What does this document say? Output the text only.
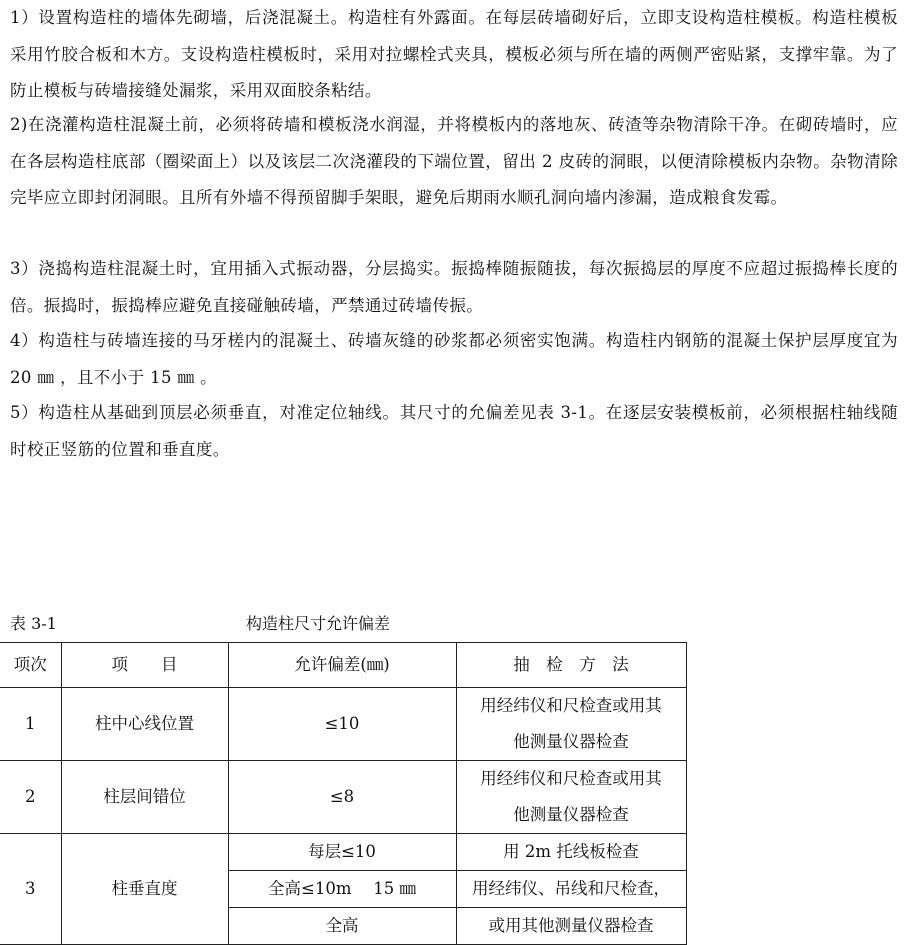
1）设置构造柱的墙体先砌墙，后浇混凝土。构造柱有外露面。在每层砖墙砌好后，立即支设构造柱模板。构造柱模板采用竹胶合板和木方。支设构造柱模板时，采用对拉螺栓式夹具，模板必须与所在墙的两侧严密贴紧，支撑牢靠。为了防止模板与砖墙接缝处漏浆，采用双面胶条粘结。

2)在浇灌构造柱混凝土前，必须将砖墙和模板浇水润湿，并将模板内的落地灰、砖渣等杂物清除干净。在砌砖墙时，应在各层构造柱底部（圈梁面上）以及该层二次浇灌段的下端位置，留出 2 皮砖的洞眼，以便清除模板内杂物。杂物清除完毕应立即封闭洞眼。且所有外墙不得预留脚手架眼，避免后期雨水顺孔洞向墙内渗漏，造成粮食发霉。

3）浇捣构造柱混凝土时，宜用插入式振动器，分层捣实。振捣棒随振随拔，每次振捣层的厚度不应超过振捣棒长度的 倍。振捣时，振捣棒应避免直接碰触砖墙，严禁通过砖墙传振。

4）构造柱与砖墙连接的马牙槎内的混凝土、砖墙灰缝的砂浆都必须密实饱满。构造柱内钢筋的混凝土保护层厚度宜为 20 ㎜ ，且不小于 15 ㎜ 。

5）构造柱从基础到顶层必须垂直，对准定位轴线。其尺寸的允偏差见表 3-1。在逐层安装模板前，必须根据柱轴线随时校正竖筋的位置和垂直度。

表 3-1	构造柱尺寸允许偏差
项次	项　　目	允许偏差(㎜)	抽　检　方　法
1	柱中心线位置	≤10	用经纬仪和尺检查或用其
他测量仪器检查

2	柱层间错位	≤8	用经纬仪和尺检查或用其
他测量仪器检查

3	柱垂直度	每层≤10	用 2m 托线板检查
		全高≤10m　 15 ㎜	用经纬仪、吊线和尺检查，
		全高	或用其他测量仪器检查
